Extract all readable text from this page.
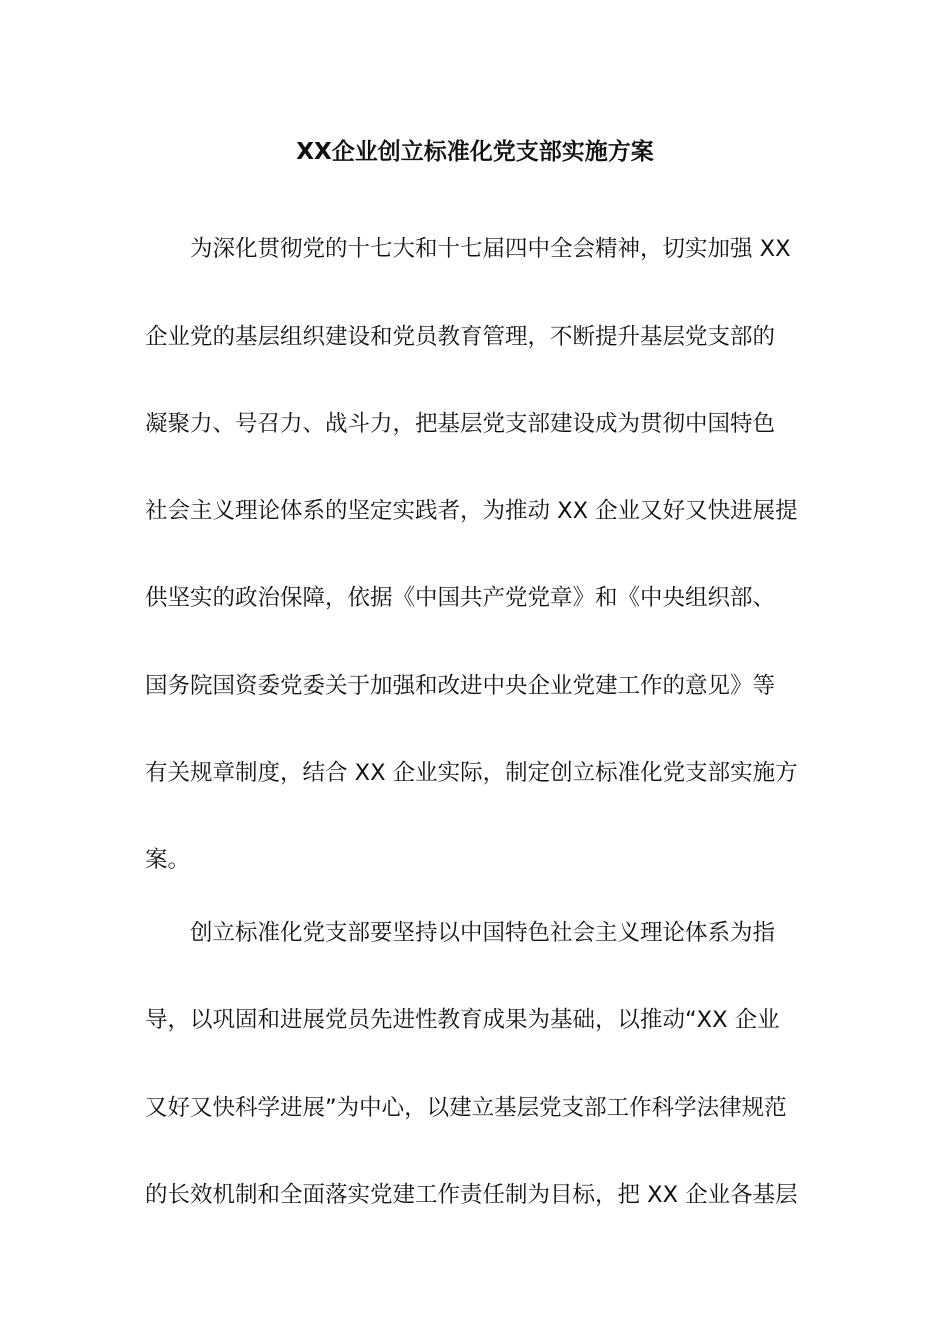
XX企业创立标准化党支部实施方案
为深化贯彻党的十七大和十七届四中全会精神，切实加强 XX
企业党的基层组织建设和党员教育管理，不断提升基层党支部的
凝聚力、号召力、战斗力，把基层党支部建设成为贯彻中国特色
社会主义理论体系的坚定实践者，为推动 XX 企业又好又快进展提
供坚实的政治保障，依据《中国共产党党章》和《中央组织部、
国务院国资委党委关于加强和改进中央企业党建工作的意见》等
有关规章制度，结合 XX 企业实际，制定创立标准化党支部实施方
案。
创立标准化党支部要坚持以中国特色社会主义理论体系为指
导，以巩固和进展党员先进性教育成果为基础，以推动“XX 企业
又好又快科学进展”为中心，以建立基层党支部工作科学法律规范
的长效机制和全面落实党建工作责任制为目标，把 XX 企业各基层
